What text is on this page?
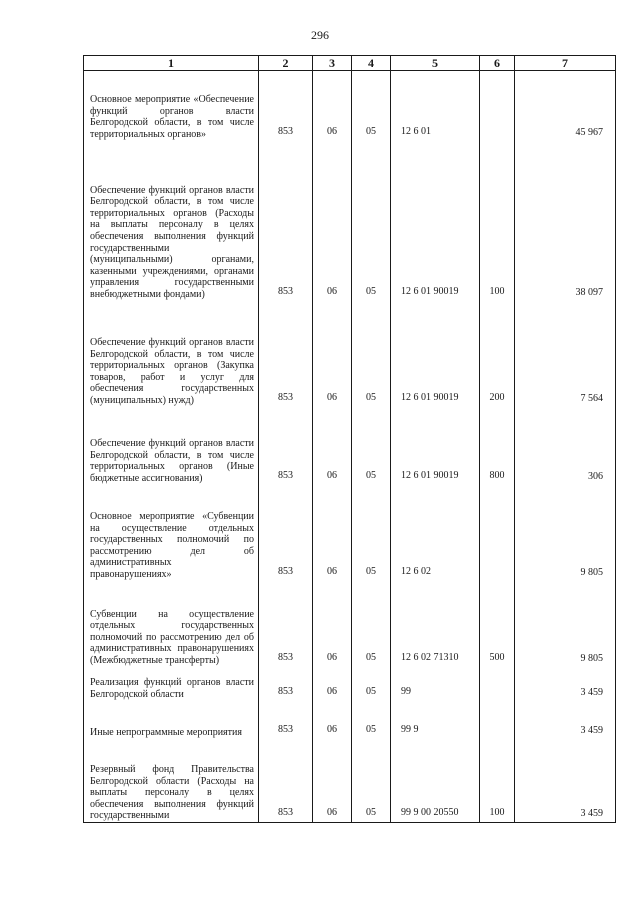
296
1	2	3	4	5	6	7
Основное мероприятие «Обеспечение функций органов власти Белгородской области, в том числе территориальных органов»	853	06	05	12 6 01		45 967
Обеспечение функций органов власти Белгородской области, в том числе территориальных органов (Расходы на выплаты персоналу в целях обеспечения выполнения функций государственными (муниципальными) органами, казенными учреждениями, органами управления государственными внебюджетными фондами)	853	06	05	12 6 01 90019	100	38 097
Обеспечение функций органов власти Белгородской области, в том числе территориальных органов (Закупка товаров, работ и услуг для обеспечения государственных (муниципальных) нужд)	853	06	05	12 6 01 90019	200	7 564
Обеспечение функций органов власти Белгородской области, в том числе территориальных органов (Иные бюджетные ассигнования)	853	06	05	12 6 01 90019	800	306
Основное мероприятие «Субвенции на осуществление отдельных государственных полномочий по рассмотрению дел об административных правонарушениях»	853	06	05	12 6 02		9 805
Субвенции на осуществление отдельных государственных полномочий по рассмотрению дел об административных правонарушениях (Межбюджетные трансферты)	853	06	05	12 6 02 71310	500	9 805
Реализация функций органов власти Белгородской области	853	06	05	99		3 459
Иные непрограммные мероприятия	853	06	05	99 9		3 459
Резервный фонд Правительства Белгородской области (Расходы на выплаты персоналу в целях обеспечения выполнения функций государственными	853	06	05	99 9 00 20550	100	3 459
